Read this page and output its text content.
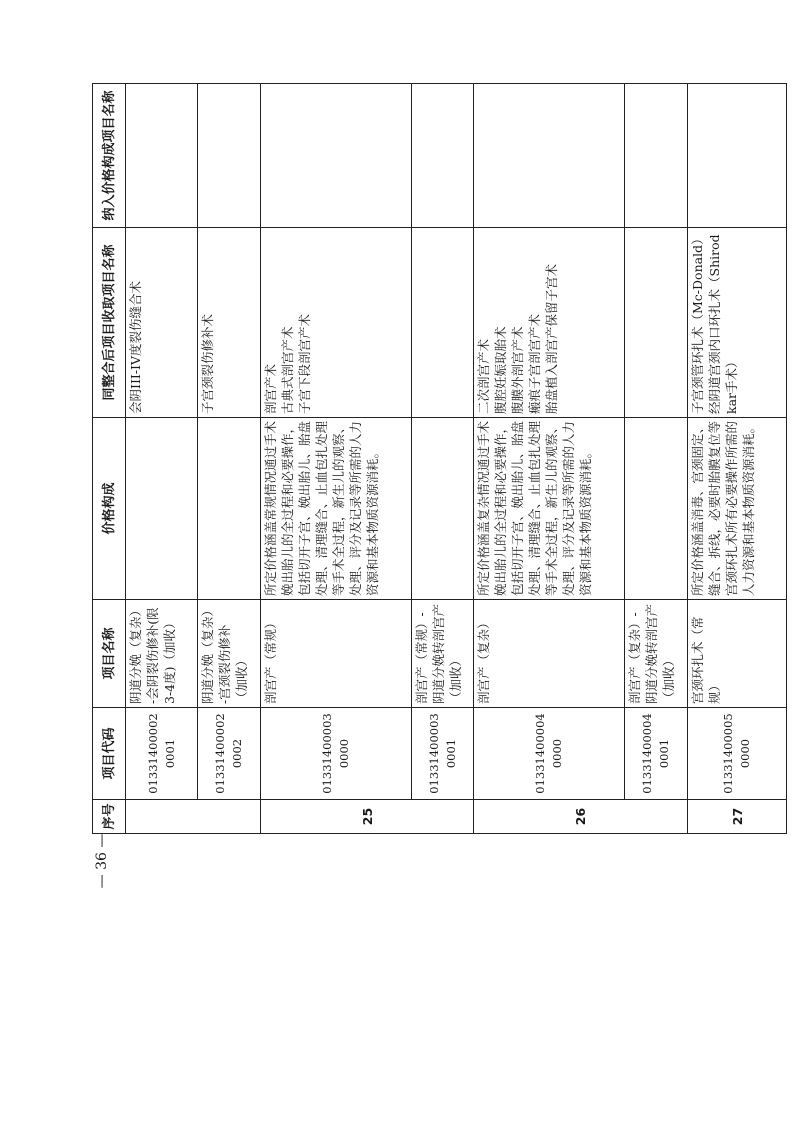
序号	项目代码	项目名称	价格构成	同整合后项目收取项目名称	纳入价格构成项目名称
	013314000020001	阴道分娩（复杂）-会阴裂伤修补(限3-4度)（加收）		会阴III-IV度裂伤缝合术	

	013314000020002	阴道分娩（复杂）-宫颈裂伤修补（加收）		子宫颈裂伤修补术	

25	013314000030000	剖宫产（常规）	所定价格涵盖常规情况通过手术娩出胎儿的全过程和必要操作，包括切开子宫、娩出胎儿、胎盘处理、清理缝合、止血包扎处理等手术全过程，新生儿的观察、处理、评分及记录等所需的人力资源和基本物质资源消耗。	剖宫产术 古典式剖宫产术 子宫下段剖宫产术	

	013314000030001	剖宫产（常规）-阴道分娩转剖宫产（加收）			
26	013314000040000	剖宫产（复杂）	所定价格涵盖复杂情况通过手术娩出胎儿的全过程和必要操作，包括切开子宫、娩出胎儿、胎盘处理、清理缝合、止血包扎处理等手术全过程，新生儿的观察、处理、评分及记录等所需的人力资源和基本物质资源消耗。	二次剖宫产术 腹腔妊娠取胎术 腹膜外剖宫产术 瘢痕子宫剖宫产术 胎盘植入剖宫产保留子宫术	

	013314000040001	剖宫产（复杂）-阴道分娩转剖宫产（加收）			
27	013314000050000	宫颈环扎术（常规）	所定价格涵盖消毒、宫颈固定、缝合、拆线，必要时胎膜复位等宫颈环扎术所有必要操作所需的人力资源和基本物质资源消耗。	子宫颈管环扎术（Mc-Donald） 经阴道宫颈内口环扎术（Shirodkar手术）	

— 36 —
